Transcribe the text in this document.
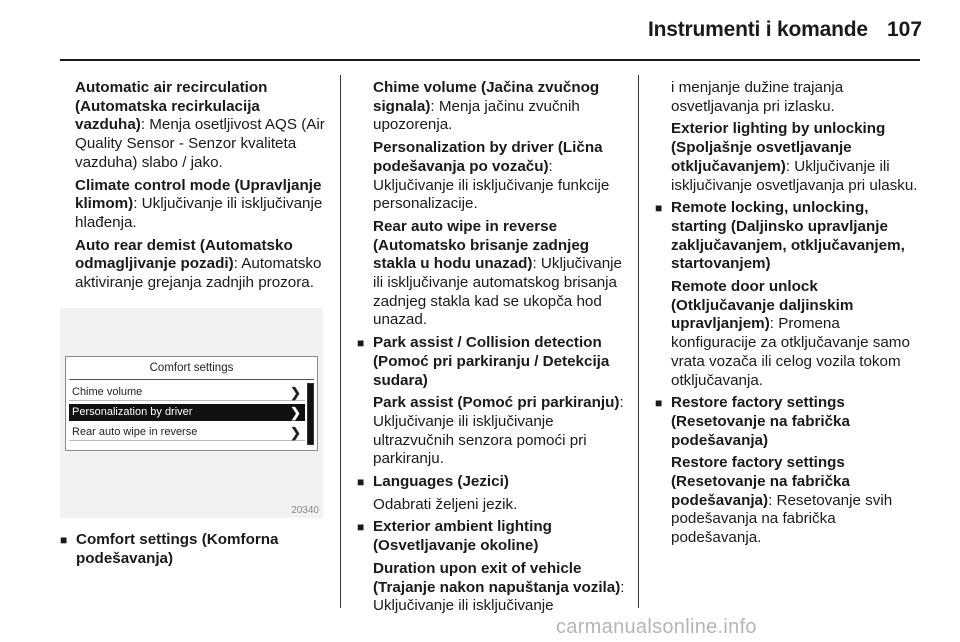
Instrumenti i komande 107

Automatic air recirculation (Automatska recirkulacija vazduha): Menja osetljivost AQS (Air Quality Sensor - Senzor kvaliteta vazduha) slabo / jako.

Climate control mode (Upravljanje klimom): Uključivanje ili isključivanje hlađenja.

Auto rear demist (Automatsko odmagljivanje pozadi): Automatsko aktiviranje grejanja zadnjih prozora.

Comfort settings
Chime volume	❯
Personalization by driver	❯
Rear auto wipe in reverse	❯
20340

■ Comfort settings (Komforna podešavanja)

Chime volume (Jačina zvučnog signala): Menja jačinu zvučnih upozorenja.

Personalization by driver (Lična podešavanja po vozaču): Uključivanje ili isključivanje funkcije personalizacije.

Rear auto wipe in reverse (Automatsko brisanje zadnjeg stakla u hodu unazad): Uključivanje ili isključivanje automatskog brisanja zadnjeg stakla kad se ukopča hod unazad.

■ Park assist / Collision detection (Pomoć pri parkiranju / Detekcija sudara)

Park assist (Pomoć pri parkiranju): Uključivanje ili isključivanje ultrazvučnih senzora pomoći pri parkiranju.

■ Languages (Jezici)

Odabrati željeni jezik.

■ Exterior ambient lighting (Osvetljavanje okoline)

Duration upon exit of vehicle (Trajanje nakon napuštanja vozila): Uključivanje ili isključivanje

i menjanje dužine trajanja osvetljavanja pri izlasku.

Exterior lighting by unlocking (Spoljašnje osvetljavanje otključavanjem): Uključivanje ili isključivanje osvetljavanja pri ulasku.

■ Remote locking, unlocking, starting (Daljinsko upravljanje zaključavanjem, otključavanjem, startovanjem)

Remote door unlock (Otključavanje daljinskim upravljanjem): Promena konfiguracije za otključavanje samo vrata vozača ili celog vozila tokom otključavanja.

■ Restore factory settings (Resetovanje na fabrička podešavanja)

Restore factory settings (Resetovanje na fabrička podešavanja): Resetovanje svih podešavanja na fabrička podešavanja.

carmanualsonline.info
